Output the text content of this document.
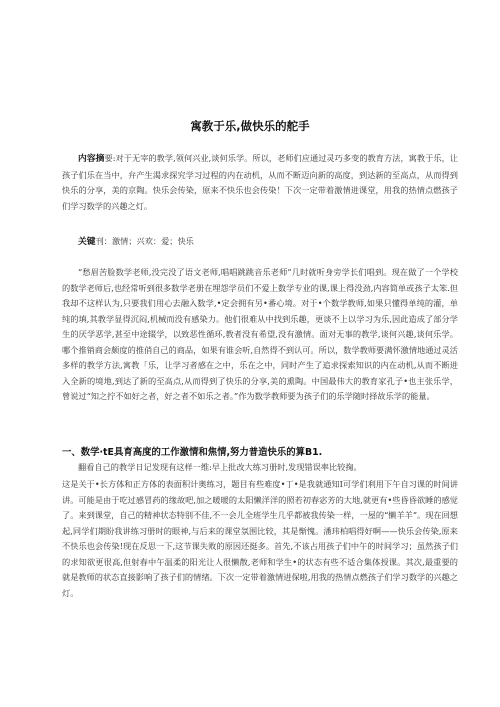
寓教于乐,做快乐的舵手
内容摘要:对于无宰的教学,领何兴业,谈何乐学。所以，老师们应通过灵巧多变的教育方法，寓教于乐，让孩子们乐在当中，弁产生渴求探究学习过程的内在动机，从而不断迈向新的高度，到达新的至高点，从而得到快乐的分享，美的京陶。快乐会传染，原来不快乐也会传染！下次一定带着激情进课堂，用我的热情点燃孩子们学习数学的兴趣之灯。
关键刊：激情；兴欢：爱；快乐
“愁眉苦脸数学老师,没完没了语文老师,唱唱跳跳音乐老师”几时就听身旁学长们唱到。现在做了一个学校的数学老师后,也经常听到很多数学老册在埋怨学员们不爱上数学专业的课,课上得没劲,内容简单或孩子太笨.但我却不这样认为,只要我们用心去融入数学,•定会拥有另•番心境。对于•个数学教师,如果只懂得单纯的灌，单纯的填,其教学显得沉闷,机械而没有感染力。他们很难从中找到乐趣，更谈不上以学习为乐,因此造成了部分学生的厌学恶学,甚至中途辍学，以致恶性循环,教者没有希望,没有激情。面对无事的教学,谈何兴趣,谈何乐学。哪个推销商会颇度的推俏自己的商品，如果有谁会听,自然得不到认可。所以，数学教师要满怀激情地通过灵活多样的教学方法,寓教「乐，让学习者感在之中，乐在之中，同时产生了追求探索知识的内在动机,从而不断进入全新的境地,到达了新的至高点,从而得到了快乐的分享,美的熏陶。中国最伟大的教育家孔子•也主张乐学，曾说过“知之拧不如好之者，好之者不如乐之者。”作为数学教师要为孩子们的乐学随时择故乐学的能量。
一、数学·tE具育高度的工作激情和焦情,努力普造快乐的算B1.
翻看自己的教学日记发现有这样一维:早上批改大练习册时,发现错误率比较掬。
这是关于•长方体和正方体的表面积计奥练习，题目有些难度•丁•是我就通知I可学们利用下午自习课的时间讲讲。可能是由于吃过感冒药的缘故吧,加之暖暖的太阳懒洋洋的照若初春宓芳的大地,就更有•些昏昏欲睡的感觉了。来到课堂，自己的精神状态特别不佳,不一会儿全班学生几乎都被我传染一样，一屋的“懒羊羊”。现在回想起,同学们期盼我讲练习册时的眼神,与后来的课堂氛围比较，其是惭愧。潘玮柏唱得好啊——快乐会传染,原来不快乐也会传染!现在反思一下,这节课失败的原因还挺多。首先,不该占用孩子们中午的时间学习；虽然孩子们的求知欲更很高,但射春中午温柔的阳光让人很懒散,老师和学生•的状态有些不适合集体授课。其次,最重要的就是教师的状态直接影响了孩子们的情绪。下次一定带着激情进保啦,用我的热情点燃孩子们学习数学的兴趣之灯。
